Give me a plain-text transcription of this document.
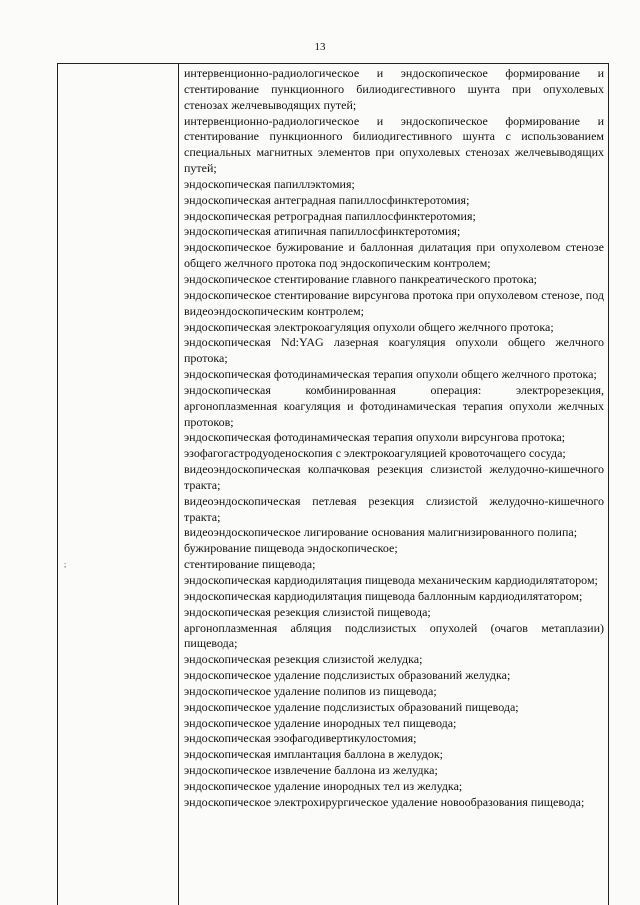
13

интервенционно-радиологическое и эндоскопическое формирование и стентирование пункционного билиодигестивного шунта при опухолевых стенозах желчевыводящих путей;

интервенционно-радиологическое и эндоскопическое формирование и стентирование пункционного билиодигестивного шунта с использованием специальных магнитных элементов при опухолевых стенозах желчевыводящих путей;

эндоскопическая папиллэктомия;

эндоскопическая антеградная папиллосфинктеротомия;

эндоскопическая ретроградная папиллосфинктеротомия;

эндоскопическая атипичная папиллосфинктеротомия;

эндоскопическое бужирование и баллонная дилатация при опухолевом стенозе общего желчного протока под эндоскопическим контролем;

эндоскопическое стентирование главного панкреатического протока;

эндоскопическое стентирование вирсунгова протока при опухолевом стенозе, под видеоэндоскопическим контролем;

эндоскопическая электрокоагуляция опухоли общего желчного протока;

эндоскопическая Nd:YAG лазерная коагуляция опухоли общего желчного протока;

эндоскопическая фотодинамическая терапия опухоли общего желчного протока;

эндоскопическая комбинированная операция: электрорезекция, аргоноплазменная коагуляция и фотодинамическая терапия опухоли желчных протоков;

эндоскопическая фотодинамическая терапия опухоли вирсунгова протока;

эзофагогастродуоденоскопия с электрокоагуляцией кровоточащего сосуда;

видеоэндоскопическая колпачковая резекция слизистой желудочно-кишечного тракта;

видеоэндоскопическая петлевая резекция слизистой желудочно-кишечного тракта;

видеоэндоскопическое лигирование основания малигнизированного полипа;

бужирование пищевода эндоскопическое;

стентирование пищевода;

эндоскопическая кардиодилятация пищевода механическим кардиодилятатором;

эндоскопическая кардиодилятация пищевода баллонным кардиодилятатором;

эндоскопическая резекция слизистой пищевода;

аргоноплазменная абляция подслизистых опухолей (очагов метаплазии) пищевода;

эндоскопическая резекция слизистой желудка;

эндоскопическое удаление подслизистых образований желудка;

эндоскопическое удаление полипов из пищевода;

эндоскопическое удаление подслизистых образований пищевода;

эндоскопическое удаление инородных тел пищевода;

эндоскопическая эзофагодивертикулостомия;

эндоскопическая имплантация баллона в желудок;

эндоскопическое извлечение баллона из желудка;

эндоскопическое удаление инородных тел из желудка;

эндоскопическое электрохирургическое удаление новообразования пищевода;

;
